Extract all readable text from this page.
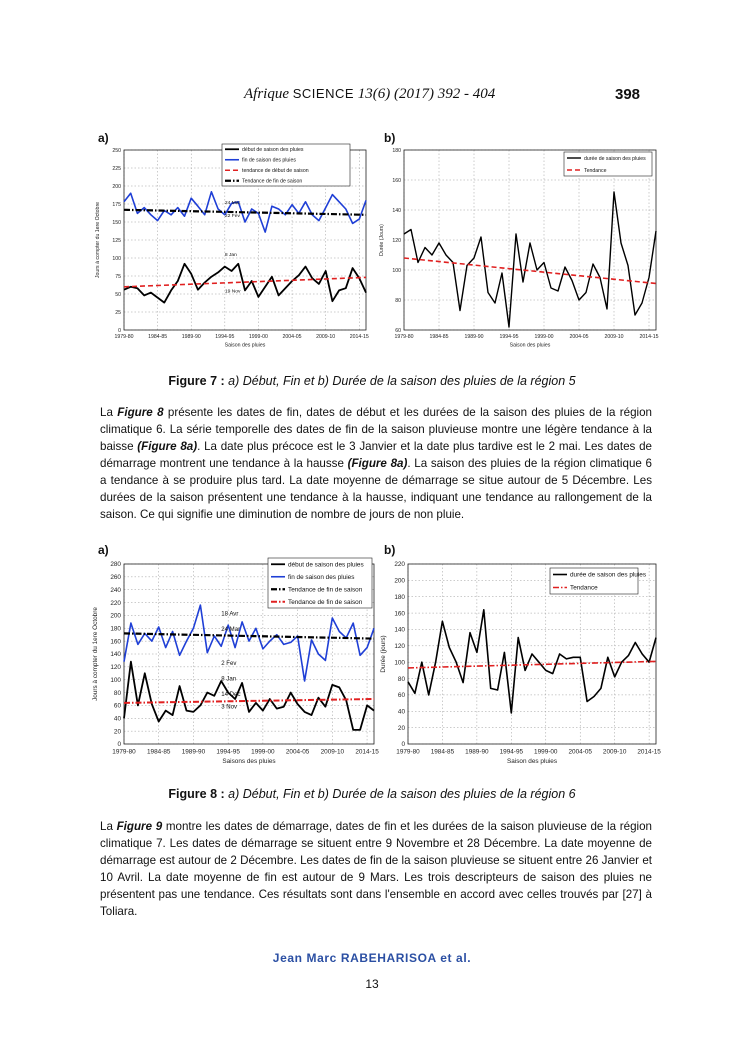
Afrique SCIENCE 13(6) (2017) 392 - 404	398
a)	b)
0
25
50
75
100
125
150
175
200
225
250
1979-80	1984-85	1989-90	1994-95	1999-00	2004-05	2009-10	2014-15
24 Mar
22 Fev
8 Jan
19 Nov
Saison des pluies
Jours à compter du 1ere Octobre
début de saison des pluies
fin de saison des pluies
tendance de début de saison
Tendance de fin de saison
60
80
100
120
140
160
180
1979-80	1984-85	1989-90	1994-95	1999-00	2004-05	2009-10	2014-15
Saison des pluies
Durée (Jours)
durée de saison des pluies
Tendance
Figure 7 : a) Début, Fin et b) Durée de la saison des pluies de la région 5
La Figure 8 présente les dates de fin, dates de début et les durées de la saison des pluies de la région climatique 6. La série temporelle des dates de fin de la saison pluvieuse montre une légère tendance à la baisse (Figure 8a). La date plus précoce est le 3 Janvier et la date plus tardive est le 2 mai. Les dates de démarrage montrent une tendance à la hausse (Figure 8a). La saison des pluies de la région climatique 6 a tendance à se produire plus tard. La date moyenne de démarrage se situe autour de 5 Décembre. Les durées de la saison présentent une tendance à la hausse, indiquant une tendance au rallongement de la saison. Ce qui signifie une diminution de nombre de jours de non pluie.
a)	b)
0
20
40
60
80
100
120
140
160
180
200
220
240
260
280
1979-80 1984-85 1989-90 1994-95 1999-00 2004-05 2009-10 2014-15
18 Avr
24 Mar
2 Fev
8 Jan
14 Dec
3 Nov
Saisons des pluies
Jours à compter du 1ere Octobre
début de saison des pluies
fin de saison des pluies
Tendance de fin de saison
Tendance de fin de saison
0
20
40
60
80
100
120
140
160
180
200
220
1979-80 1984-85 1989-90 1994-95 1999-00 2004-05 2009-10 2014-15
Saison des pluies
Durée (jours)
durée de saison des pluies
Tendance
Figure 8 : a) Début, Fin et b) Durée de la saison des pluies de la région 6
La Figure 9 montre les dates de démarrage, dates de fin et les durées de la saison pluvieuse de la région climatique 7. Les dates de démarrage se situent entre 9 Novembre et 28 Décembre. La date moyenne de démarrage est autour de 2 Décembre. Les dates de fin de la saison pluvieuse se situent entre 26 Janvier et 10 Avril. La date moyenne de fin est autour de 9 Mars. Les trois descripteurs de saison des pluies ne présentent pas une tendance. Ces résultats sont dans l'ensemble en accord avec celles trouvés par [27] à Toliara.
Jean Marc RABEHARISOA et al.
13
